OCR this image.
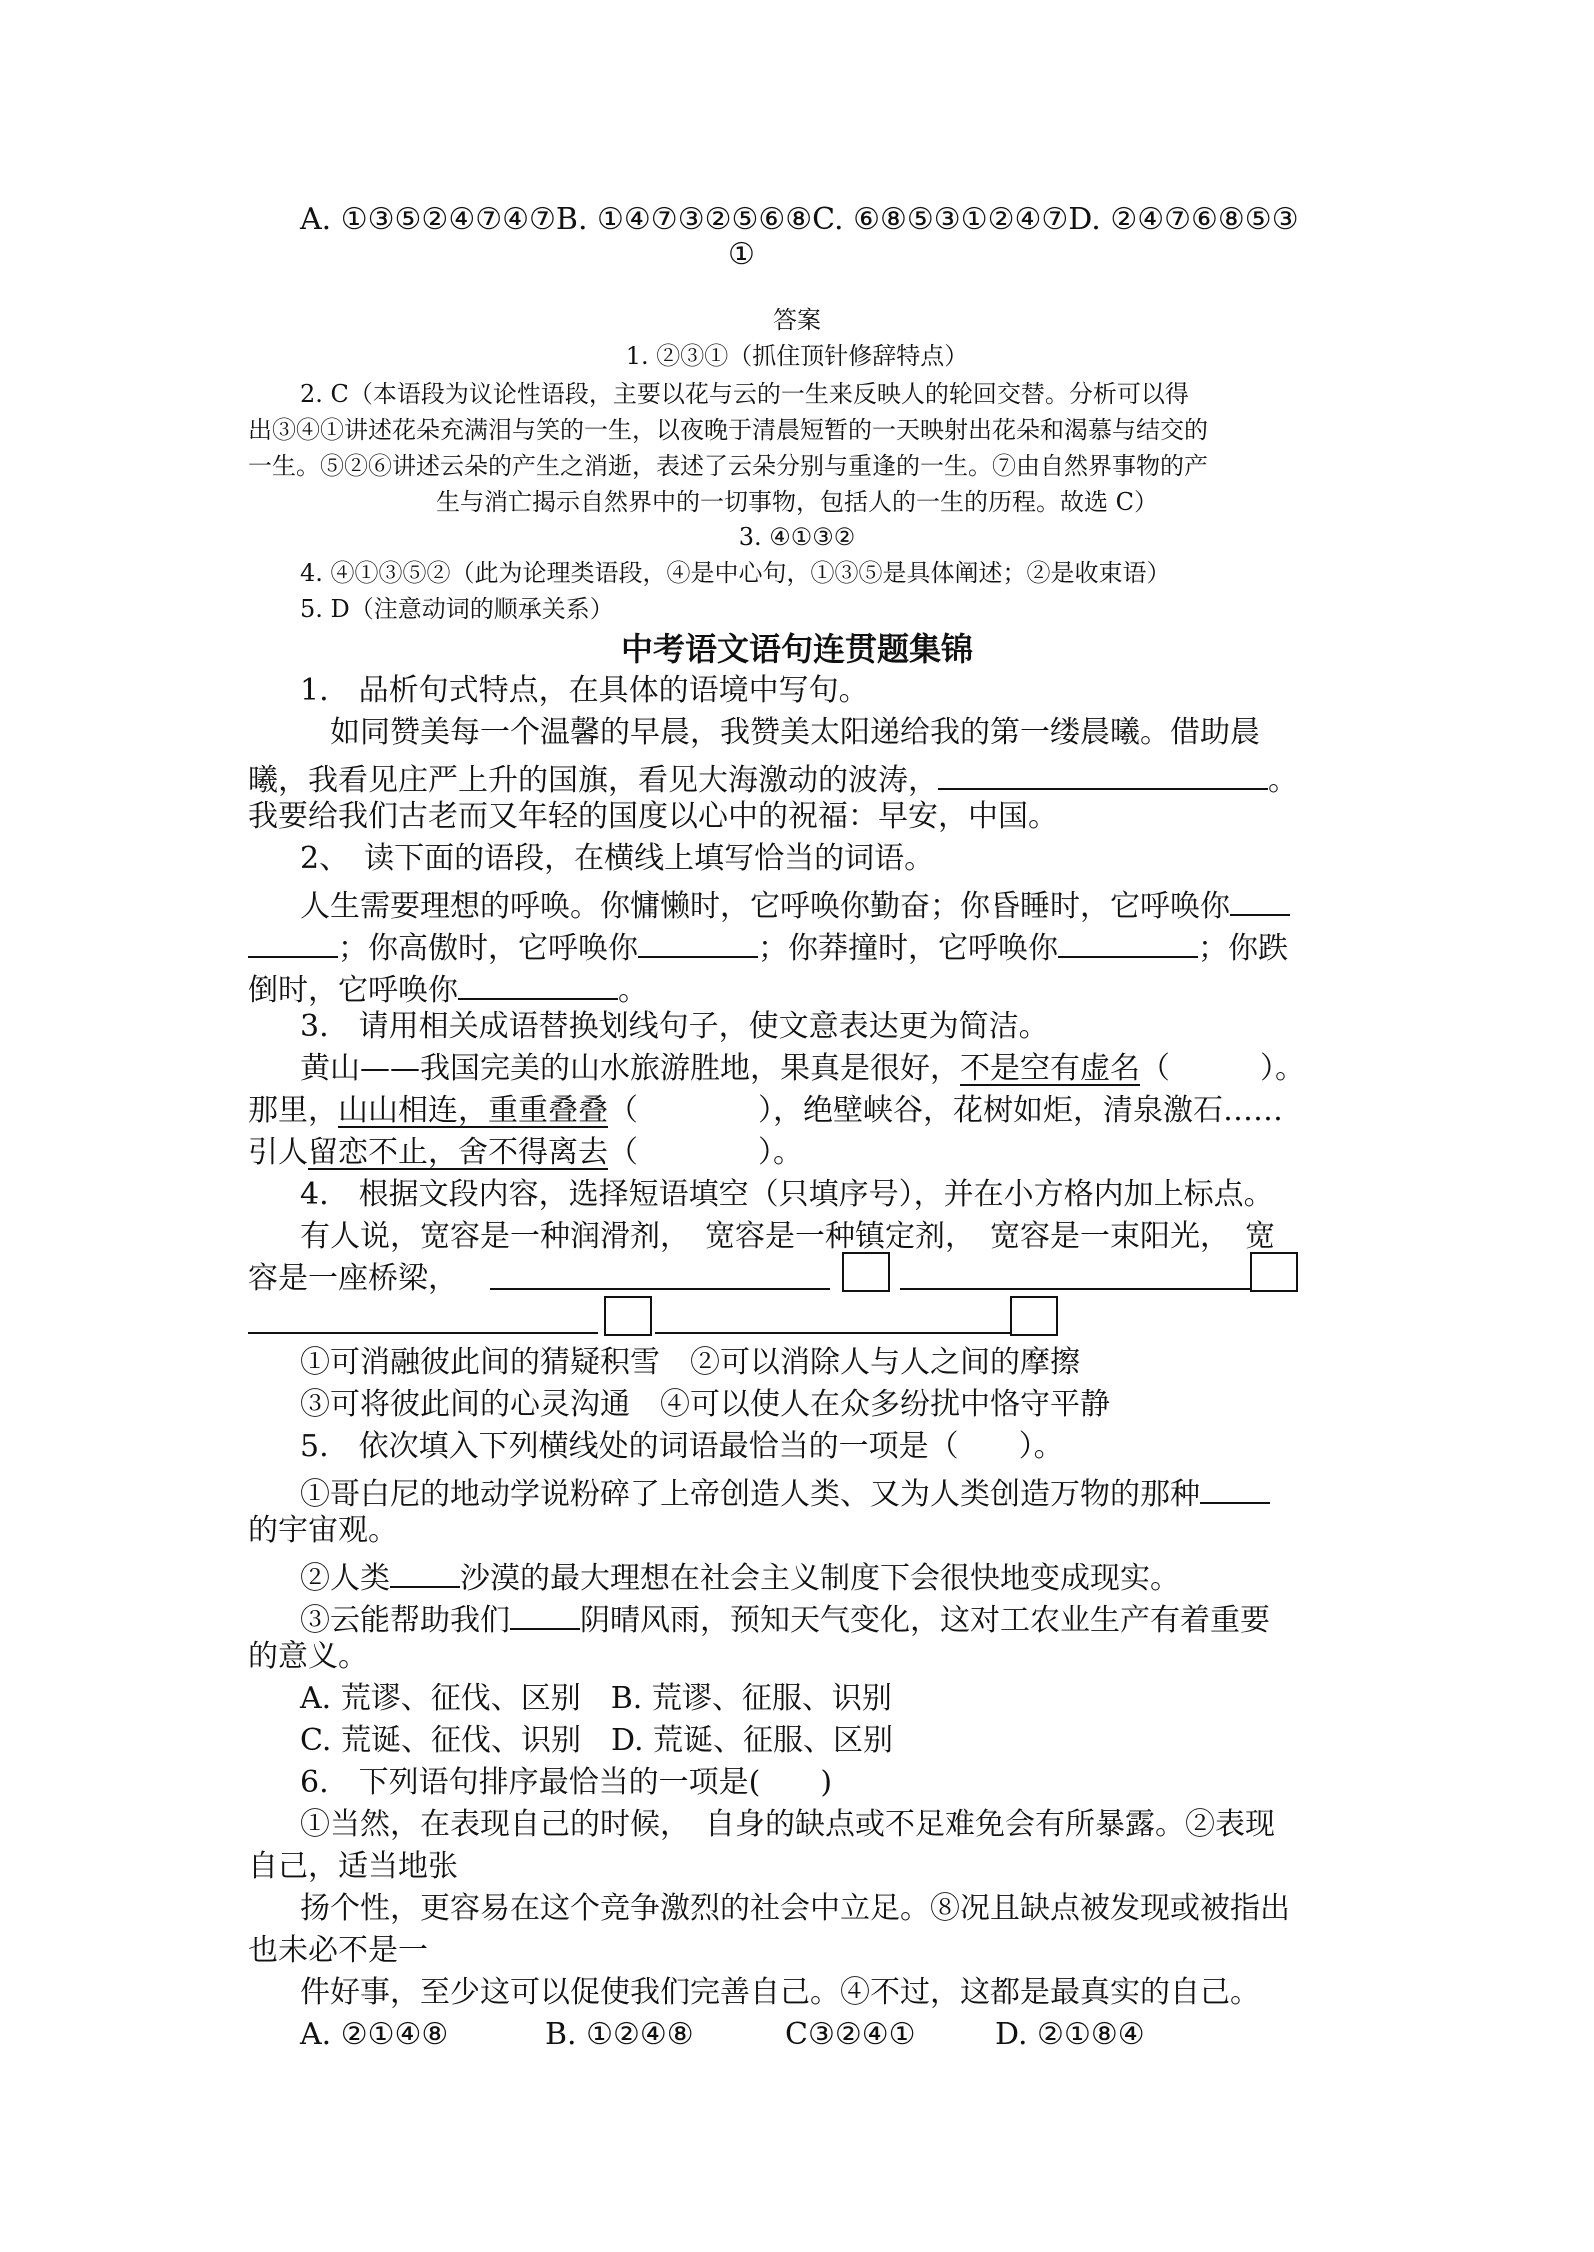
A. ①③⑤②④⑦④⑦B. ①④⑦③②⑤⑥⑧C. ⑥⑧⑤③①②④⑦D. ②④⑦⑥⑧⑤③
①
答案
1. ②③①（抓住顶针修辞特点）
2. C（本语段为议论性语段，主要以花与云的一生来反映人的轮回交替。分析可以得
出③④①讲述花朵充满泪与笑的一生，以夜晚于清晨短暂的一天映射出花朵和渴慕与结交的
一生。⑤②⑥讲述云朵的产生之消逝，表述了云朵分别与重逢的一生。⑦由自然界事物的产
生与消亡揭示自然界中的一切事物，包括人的一生的历程。故选 C）
3. ④①③②
4. ④①③⑤②（此为论理类语段，④是中心句，①③⑤是具体阐述；②是收束语）
5. D（注意动词的顺承关系）
中考语文语句连贯题集锦
1.　品析句式特点，在具体的语境中写句。
如同赞美每一个温馨的早晨，我赞美太阳递给我的第一缕晨曦。借助晨
曦，我看见庄严上升的国旗，看见大海激动的波涛，	。
我要给我们古老而又年轻的国度以心中的祝福：早安，中国。
2、　读下面的语段，在横线上填写恰当的词语。
人生需要理想的呼唤。你慵懒时，它呼唤你勤奋；你昏睡时，它呼唤你
；你高傲时，它呼唤你	；你莽撞时，它呼唤你	；你跌
倒时，它呼唤你	。
3.　请用相关成语替换划线句子，使文意表达更为简洁。
黄山——我国完美的山水旅游胜地，果真是很好，不是空有虚名（　　　）。
那里，山山相连，重重叠叠（　　　　），绝壁峡谷，花树如炬，清泉激石……
引人留恋不止，舍不得离去（　　　　）。
4.　根据文段内容，选择短语填空（只填序号），并在小方格内加上标点。
有人说，宽容是一种润滑剂，　宽容是一种镇定剂，　宽容是一束阳光，　宽
容是一座桥梁，
①可消融彼此间的猜疑积雪　②可以消除人与人之间的摩擦
③可将彼此间的心灵沟通　④可以使人在众多纷扰中恪守平静
5.　依次填入下列横线处的词语最恰当的一项是（　　）。
①哥白尼的地动学说粉碎了上帝创造人类、又为人类创造万物的那种
的宇宙观。
②人类 沙漠的最大理想在社会主义制度下会很快地变成现实。
③云能帮助我们 阴晴风雨，预知天气变化，这对工农业生产有着重要
的意义。
A. 荒谬、征伐、区别　B. 荒谬、征服、识别
C. 荒诞、征伐、识别　D. 荒诞、征服、区别
6.　下列语句排序最恰当的一项是(　　)
①当然，在表现自己的时候，　自身的缺点或不足难免会有所暴露。②表现
自己，适当地张
扬个性，更容易在这个竞争激烈的社会中立足。⑧况且缺点被发现或被指出
也未必不是一
件好事，至少这可以促使我们完善自己。④不过，这都是最真实的自己。
A. ②①④⑧	B. ①②④⑧	C③②④①	D. ②①⑧④
